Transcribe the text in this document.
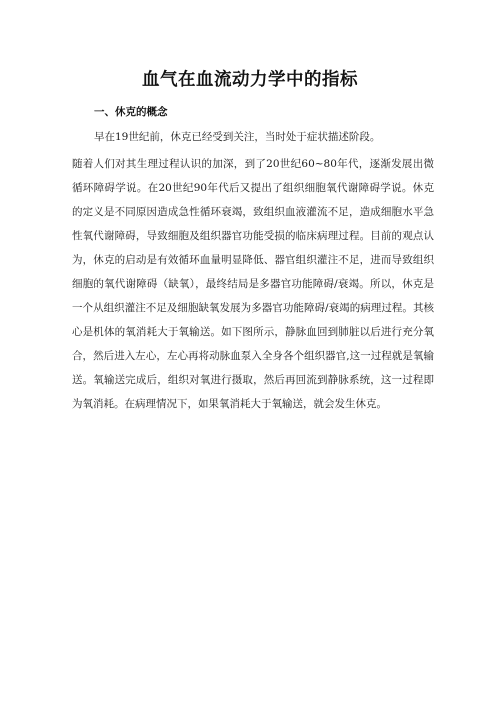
血气在血流动力学中的指标
一、休克的概念

早在19世纪前，休克已经受到关注，当时处于症状描述阶段。

随着人们对其生理过程认识的加深，到了20世纪60~80年代，逐渐发展出微循环障碍学说。在20世纪90年代后又提出了组织细胞氧代谢障碍学说。休克的定义是不同原因造成急性循环衰竭，致组织血液灌流不足，造成细胞水平急性氧代谢障碍，导致细胞及组织器官功能受损的临床病理过程。目前的观点认为，休克的启动是有效循环血量明显降低、器官组织灌注不足，进而导致组织细胞的氧代谢障碍（缺氧），最终结局是多器官功能障碍/衰竭。所以，休克是一个从组织灌注不足及细胞缺氧发展为多器官功能障碍/衰竭的病理过程。其核心是机体的氧消耗大于氧输送。如下图所示，静脉血回到肺脏以后进行充分氧合，然后进入左心，左心再将动脉血泵入全身各个组织器官,这一过程就是氧输送。氧输送完成后，组织对氧进行摄取，然后再回流到静脉系统，这一过程即为氧消耗。在病理情况下，如果氧消耗大于氧输送，就会发生休克。
